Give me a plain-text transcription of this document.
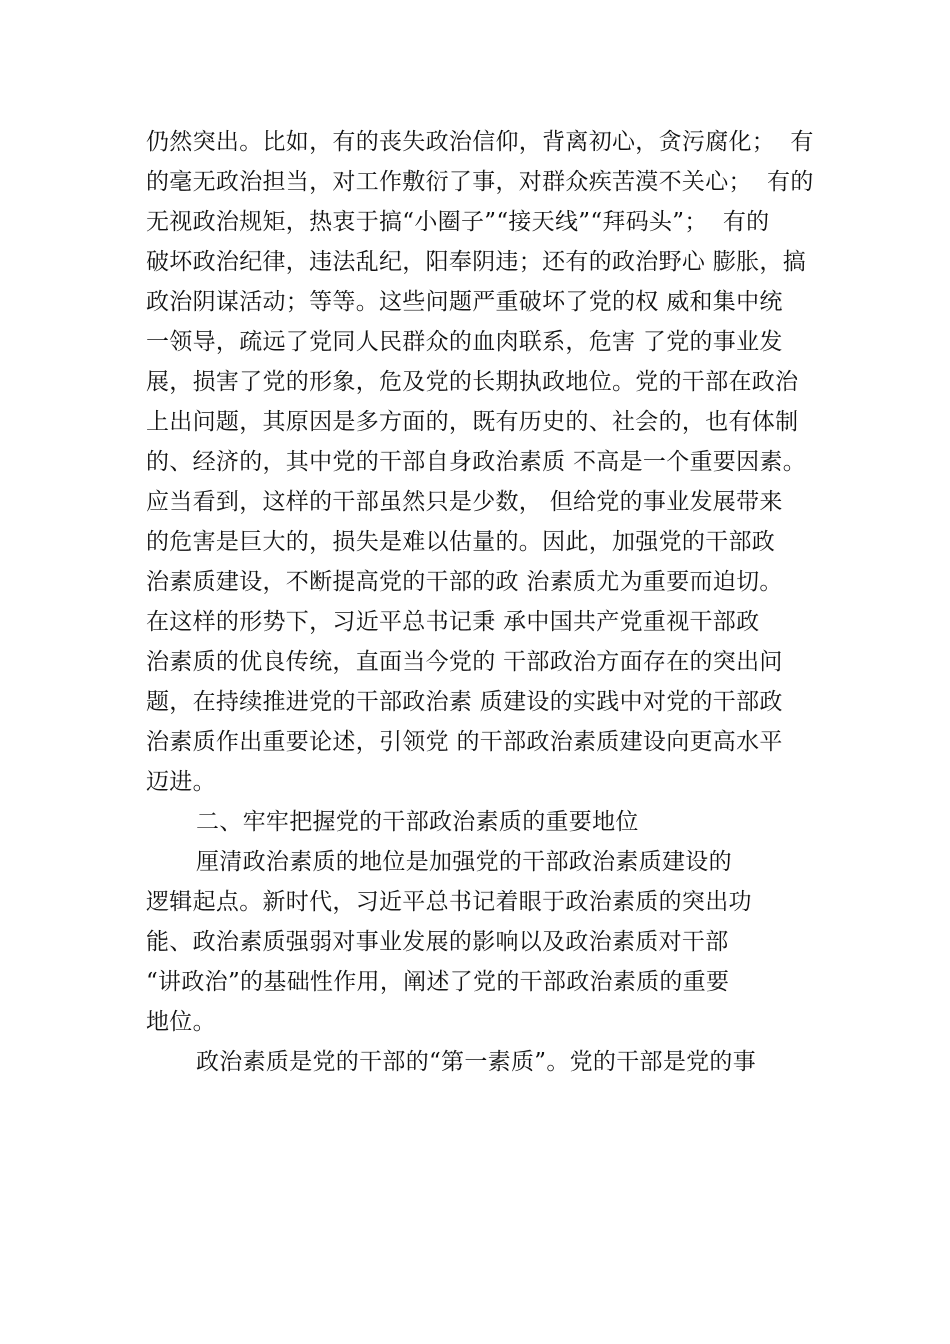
仍然突出。比如，有的丧失政治信仰，背离初心，贪污腐化；  有
的毫无政治担当，对工作敷衍了事，对群众疾苦漠不关心；  有的
无视政治规矩，热衷于搞“小圈子”“接天线”“拜码头”；  有的
破坏政治纪律，违法乱纪，阳奉阴违；还有的政治野心 膨胀，搞
政治阴谋活动；等等。这些问题严重破坏了党的权 威和集中统
一领导，疏远了党同人民群众的血肉联系，危害 了党的事业发
展，损害了党的形象，危及党的长期执政地位。党的干部在政治
上出问题，其原因是多方面的，既有历史的、社会的，也有体制
的、经济的，其中党的干部自身政治素质 不高是一个重要因素。
应当看到，这样的干部虽然只是少数， 但给党的事业发展带来
的危害是巨大的，损失是难以估量的。因此，加强党的干部政
治素质建设，不断提高党的干部的政 治素质尤为重要而迫切。
在这样的形势下，习近平总书记秉 承中国共产党重视干部政
治素质的优良传统，直面当今党的 干部政治方面存在的突出问
题，在持续推进党的干部政治素 质建设的实践中对党的干部政
治素质作出重要论述，引领党 的干部政治素质建设向更高水平
迈进。
二、牢牢把握党的干部政治素质的重要地位
厘清政治素质的地位是加强党的干部政治素质建设的
逻辑起点。新时代，习近平总书记着眼于政治素质的突出功
能、政治素质强弱对事业发展的影响以及政治素质对干部
“讲政治”的基础性作用，阐述了党的干部政治素质的重要
地位。
政治素质是党的干部的“第一素质”。党的干部是党的事
